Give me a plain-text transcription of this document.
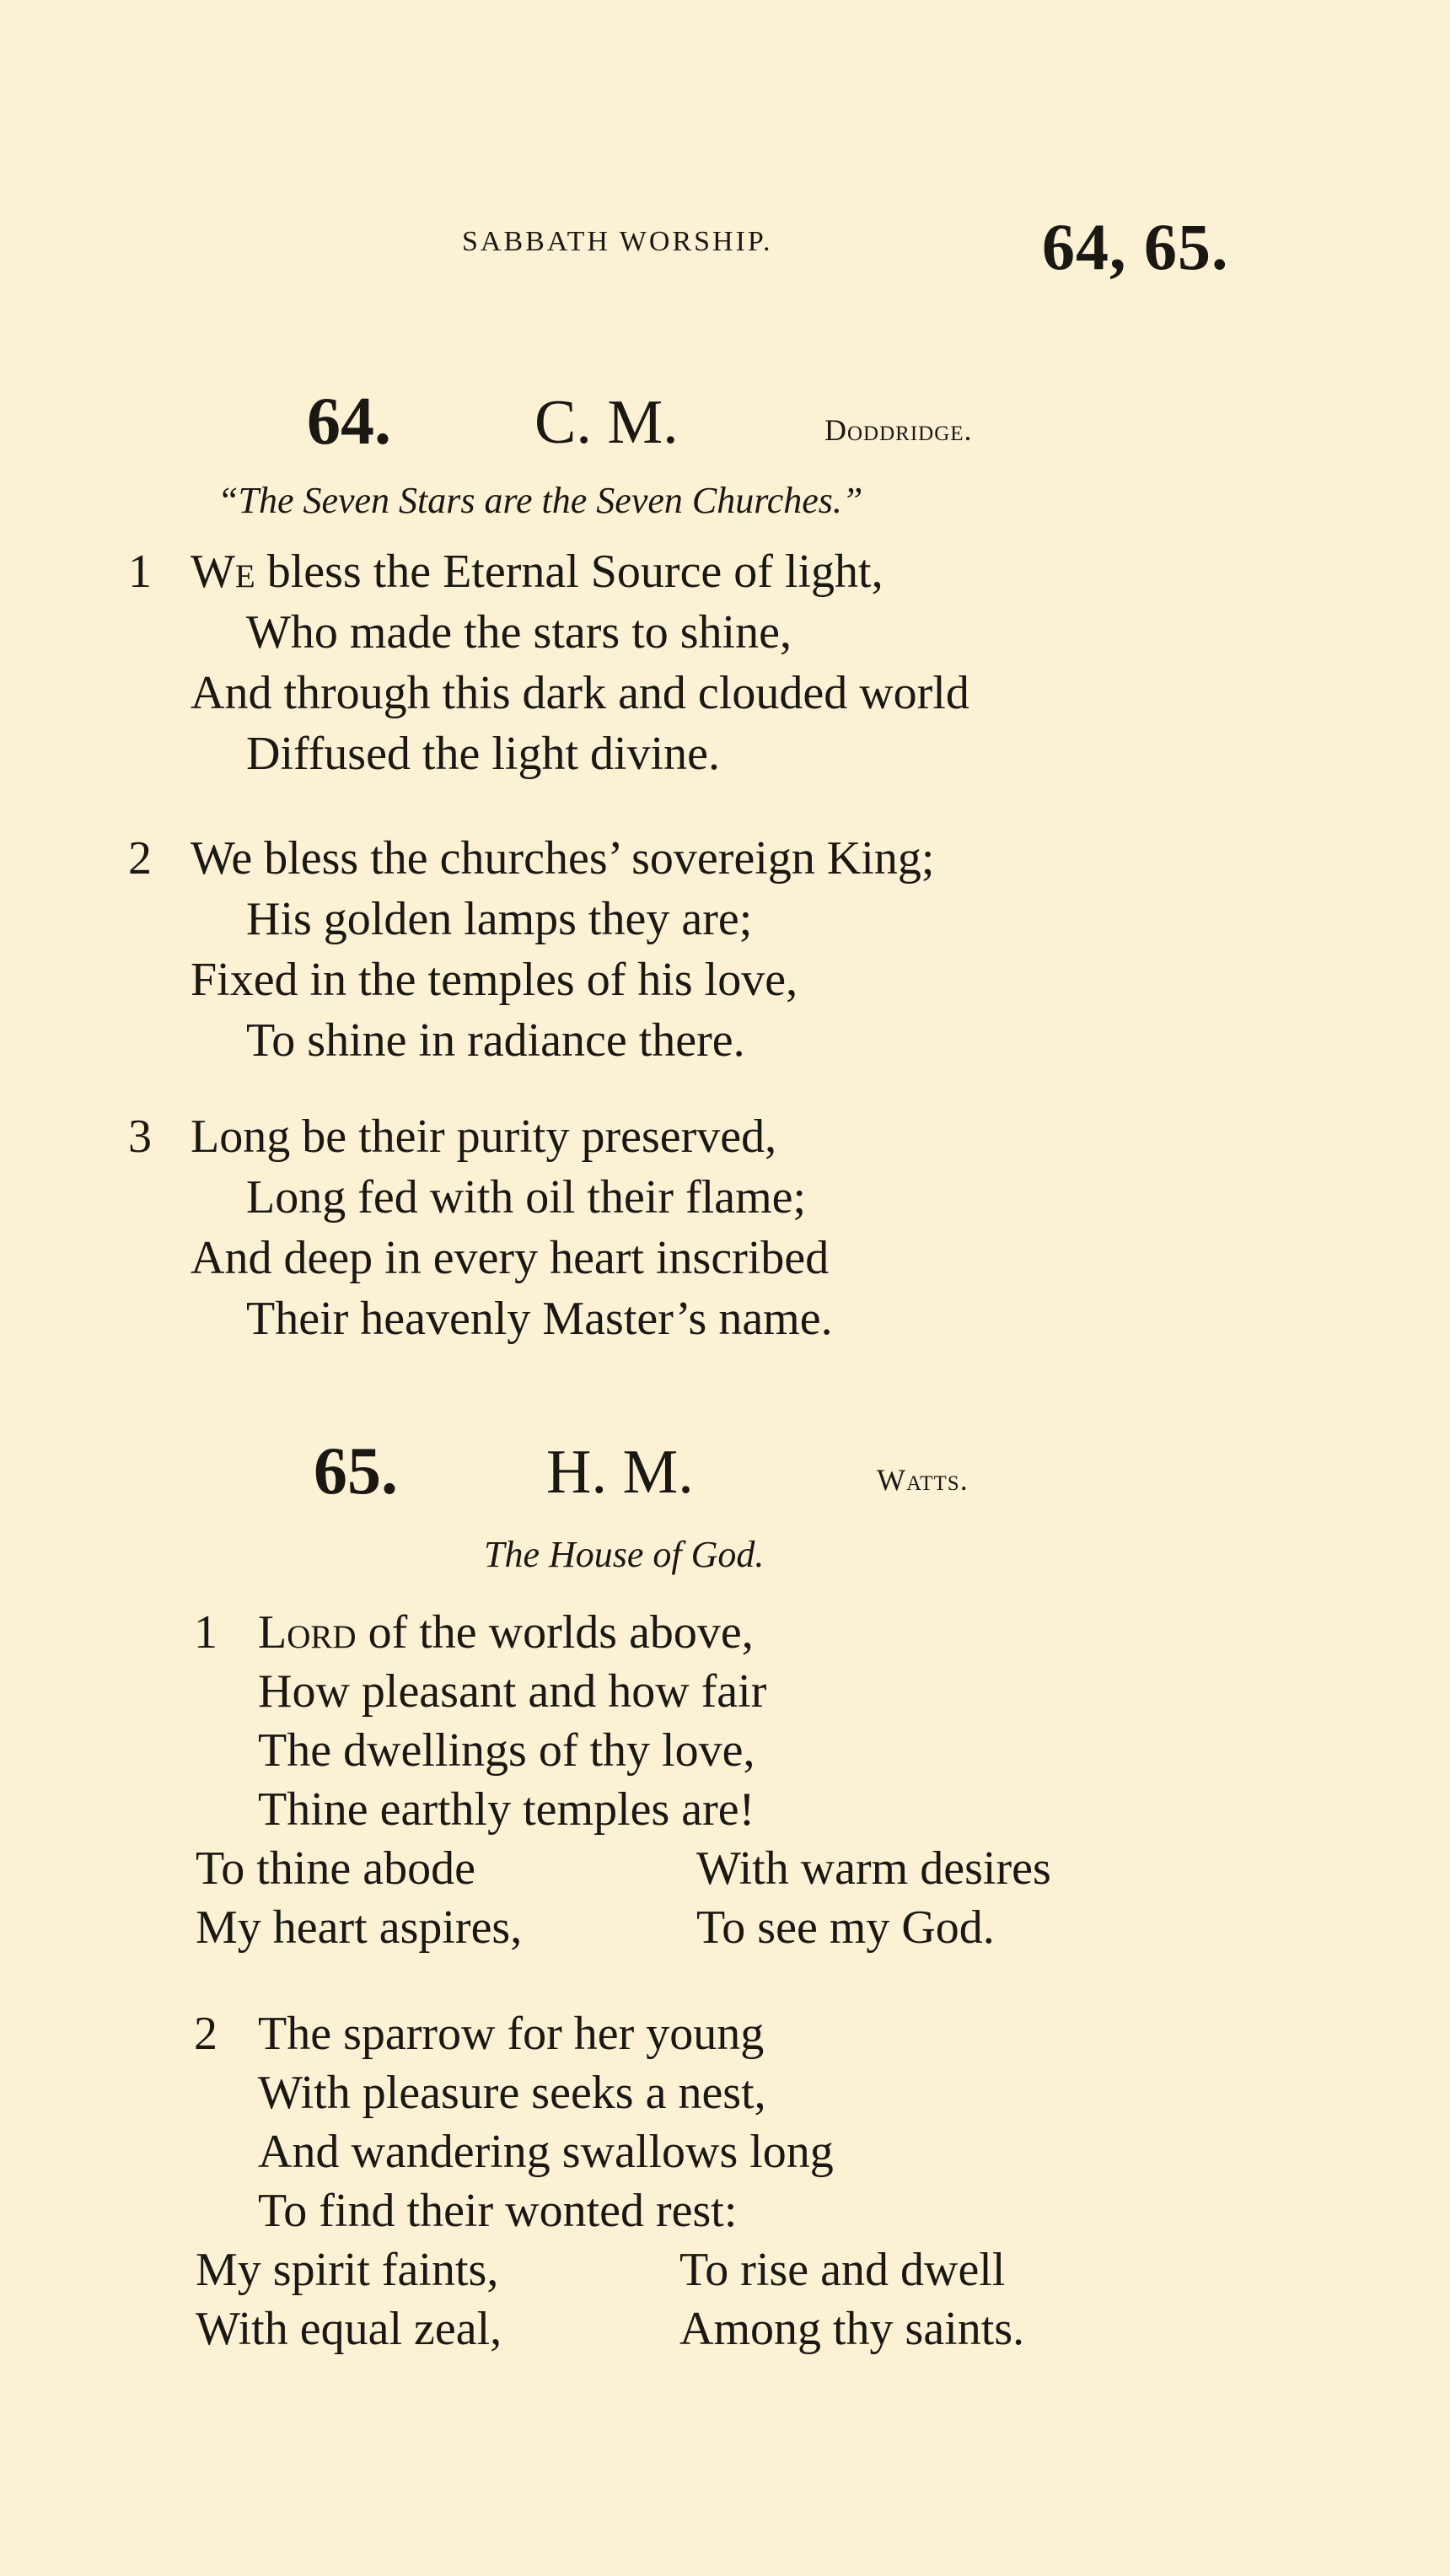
SABBATH WORSHIP.	64, 65.
64. C. M.	Doddridge.
“The Seven Stars are the Seven Churches.”
1 We bless the Eternal Source of light,
Who made the stars to shine,
And through this dark and clouded world
Diffused the light divine.
2 We bless the churches’ sovereign King;
His golden lamps they are;
Fixed in the temples of his love,
To shine in radiance there.
3 Long be their purity preserved,
Long fed with oil their flame;
And deep in every heart inscribed
Their heavenly Master’s name.
65. H. M.	Watts.
The House of God.
1 Lord of the worlds above,
How pleasant and how fair
The dwellings of thy love,
Thine earthly temples are!
To thine abode	With warm desires
My heart aspires,	To see my God.
2 The sparrow for her young
With pleasure seeks a nest,
And wandering swallows long
To find their wonted rest:
My spirit faints,	To rise and dwell
With equal zeal,	Among thy saints.
